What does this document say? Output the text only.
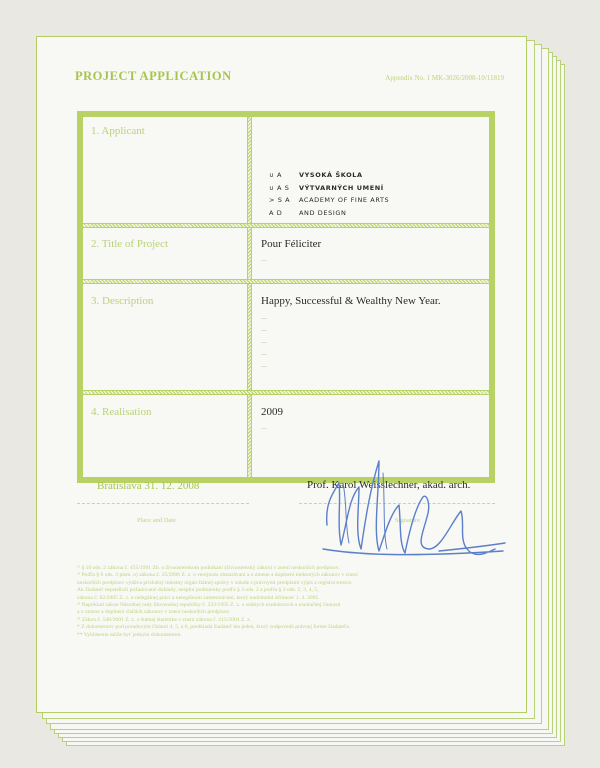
PROJECT APPLICATION	Appendix No. 1 MK-3026/2008-10/11819
1. Applicant
∪ A
∪ A S
> S A
A D
VYSOKÁ ŠKOLA
VÝTVARNÝCH UMENÍ
ACADEMY OF FINE ARTS
AND DESIGN
2. Title of Project	Pour Féliciter
...
3. Description	Happy, Successful & Wealthy New Year.
...
...
...
...
...
4. Realisation	2009
...
Bratislava 31. 12. 2008
Place and Date
Prof. Karol Weisslechner, akad. arch.
Signature
¹⁾ § 10 ods. 2 zákona č. 455/1991 Zb. o živnostenskom podnikaní (živnostenský zákon) v znení neskorších predpisov.
²⁾ Podľa § 6 ods. 3 písm. o) zákona č. 25/2006 Z. z. o verejnom obstarávaní a o zmene a doplnení niektorých zákonov v znení
neskorších predpisov vydáva príslušný miestny orgán štátnej správy v súlade s právnymi predpismi výpis z registra trestov.
Ak žiadateľ nepredloží požadované doklady, nesplní podmienky podľa § 3 ods. 2 a podľa § 3 ods. 2, 3, 4, 5,
zákona č. 82/2005 Z. z. o nelegálnej práci a nelegálnom zamestnávaní, ktorý nadobudol účinnosť 1. 4. 2005.
³⁾ Napríklad zákon Národnej rady Slovenskej republiky č. 233/1995 Z. z. o súdnych exekútoroch a exekučnej činnosti
a o zmene a doplnení ďalších zákonov v znení neskorších predpisov.
⁴⁾ Zákon č. 540/2001 Z. z. o štátnej štatistike v znení zákona č. 215/2004 Z. z.
* Z dokumentov pod poradovým číslami 4, 5, a 6, predkladá žiadateľ len jeden, ktorý zodpovedá právnej forme žiadateľa.
** Vyhlásenie môže byť jedným dokumentom.
